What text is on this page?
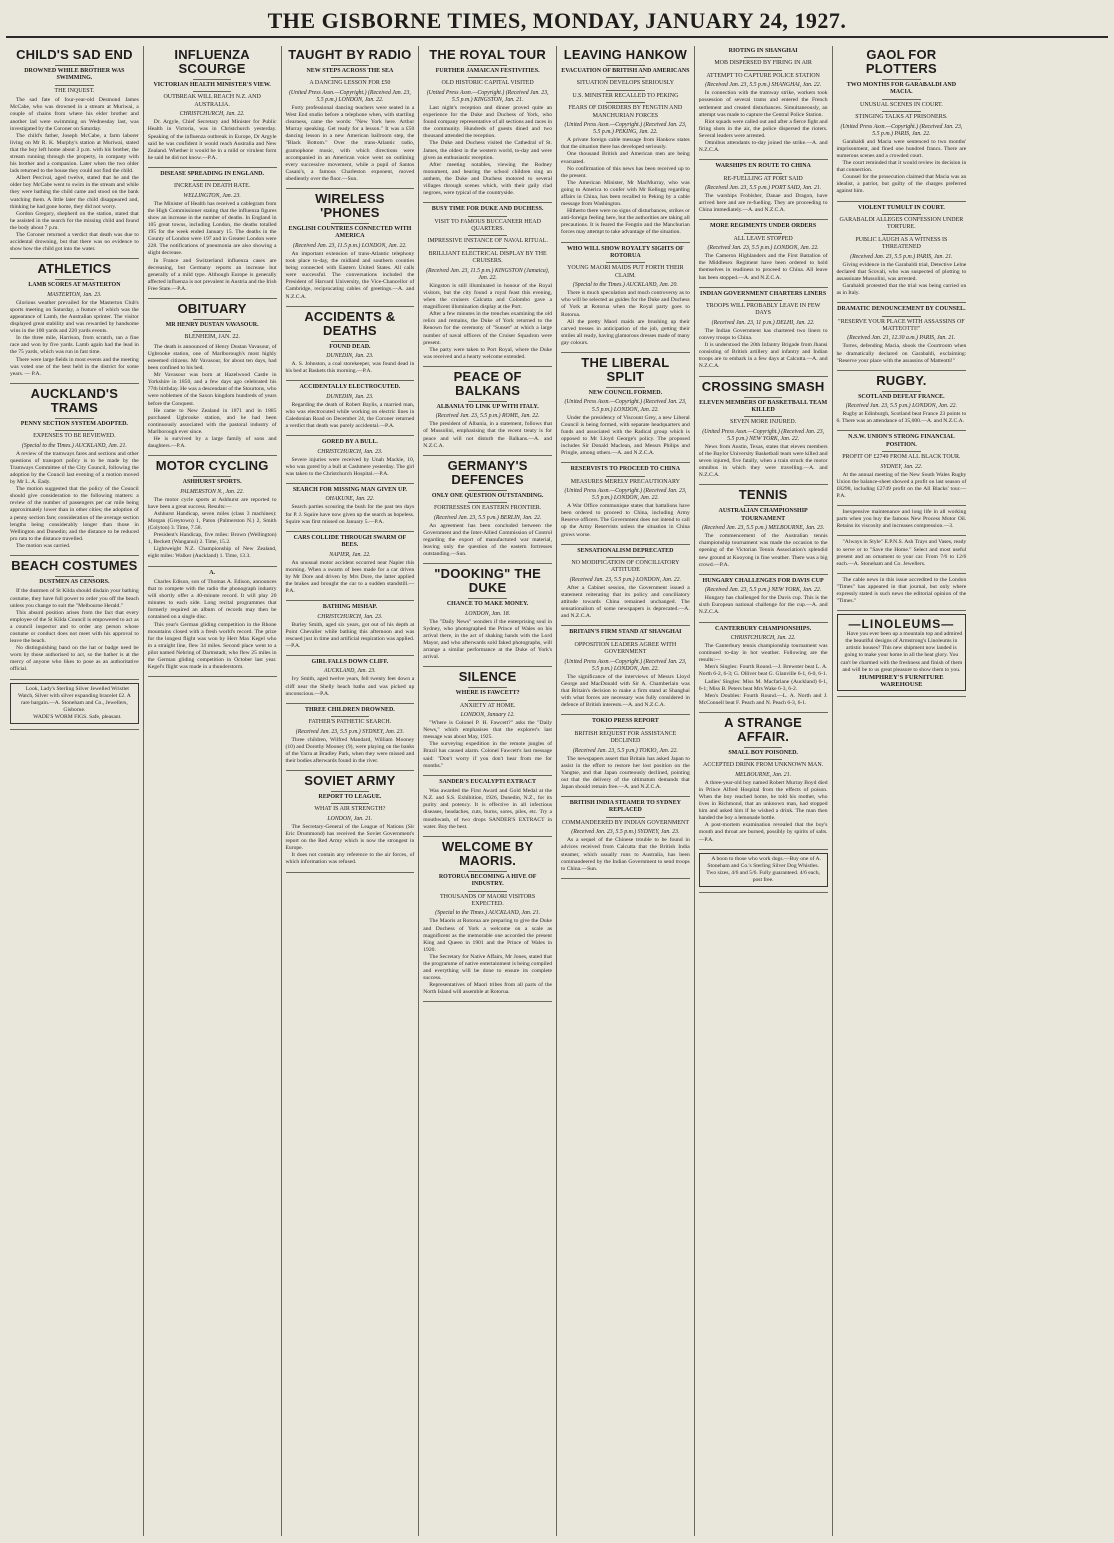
THE GISBORNE TIMES, MONDAY, JANUARY 24, 1927.
CHILD'S SAD END
DROWNED WHILE BROTHER WAS SWIMMING.
THE INQUEST.

The sad fate of four-year-old Desmond James McCabe, who was drowned in a stream at Muriwai, a couple of chains from where his elder brother and another lad were swimming on Wednesday last, was investigated by the Coroner on Saturday.

The child's father, Joseph McCabe, a farm laborer living on Mr R. K. Murphy's station at Muriwai, stated that the boy left home about 3 p.m. with his brother, the stream running through the property, in company with his brother and a companion. Later when the two older lads returned to the house they could not find the child.

Albert Percival, aged twelve, stated that he and the older boy McCabe went to swim in the stream and while they were bathing the child came and stood on the bank watching them. A little later the child disappeared and, thinking he had gone home, they did not worry.

Gordon Gregory, shepherd on the station, stated that he assisted in the search for the missing child and found the body about 7 p.m.

The Coroner returned a verdict that death was due to accidental drowning, but that there was no evidence to show how the child got into the water.

ATHLETICS
LAMB SCORES AT MASTERTON
MASTERTON, Jan. 23.

Glorious weather prevailed for the Masterton Club's sports meeting on Saturday, a feature of which was the appearance of Lamb, the Australian sprinter. The visitor displayed great stability and was rewarded by handsome wins in the 100 yards and 220 yards events.

In the three mile, Harrison, from scratch, ran a fine race and won by five yards. Lamb again had the lead in the 75 yards, which was run in fast time.

There were large fields in most events and the meeting was voted one of the best held in the district for some years. — P.A.

AUCKLAND'S TRAMS
PENNY SECTION SYSTEM ADOPTED.
EXPENSES TO BE REVIEWED.
(Special to the Times.) AUCKLAND, Jan. 21.

A review of the tramways fares and sections and other questions of transport policy is to be made by the Tramways Committee of the City Council, following the adoption by the Council last evening of a motion moved by Mr L. A. Eady.

The motion suggested that the policy of the Council should give consideration to the following matters: a review of the number of passengers per car mile being approximately lower than in other cities; the adoption of a penny section fare; consideration of the average section lengths being considerably longer than those in Wellington and Dunedin; and the distance to be reduced pro rata to the distance travelled.

The motion was carried.

BEACH COSTUMES
DUSTMEN AS CENSORS.

If the dustmen of St Kilda should disdain your bathing costume, they have full power to order you off the beach unless you change to suit the "Melbourne Herald."

This absurd position arises from the fact that every employee of the St Kilda Council is empowered to act as a council inspector and to order any person whose costume or conduct does not meet with his approval to leave the beach.

No distinguishing band on the hat or badge need be worn by those authorised to act, so the bather is at the mercy of anyone who likes to pose as an authoritative official.

Look, Lady's Sterling Silver Jewelled Wristlet Watch, Silver with silver expanding bracelet £2. A rare bargain.—A. Stoneham and Co., Jewellers, Gisborne.

WADE'S WORM FIGS. Safe, pleasant.

INFLUENZA SCOURGE
VICTORIAN HEALTH MINISTER'S VIEW.
OUTBREAK WILL REACH N.Z. AND AUSTRALIA.
CHRISTCHURCH, Jan. 22.

Dr. Argyle, Chief Secretary and Minister for Public Health in Victoria, was in Christchurch yesterday. Speaking of the influenza outbreak in Europe, Dr Argyle said he was confident it would reach Australia and New Zealand. Whether it would be in a mild or virulent form he said he did not know.—P.A.

DISEASE SPREADING IN ENGLAND.
INCREASE IN DEATH RATE.
WELLINGTON, Jan. 23.

The Minister of Health has received a cablegram from the High Commissioner stating that the influenza figures show an increase in the number of deaths. In England in 105 great towns, including London, the deaths totalled 195 for the week ended January 15. The deaths in the County of London were 197 and in Greater London were 228. The notifications of pneumonia are also showing a slight decrease.

In France and Switzerland influenza cases are decreasing, but Germany reports an increase but generally of a mild type. Although Europe is generally affected influenza is not prevalent in Austria and the Irish Free State.—P.A.

OBITUARY
MR HENRY DUSTAN VAVASOUR.
BLENHEIM, JAN. 22.

The death is announced of Henry Dustan Vavasour, of Ugbrooke station, one of Marlborough's most highly esteemed citizens. Mr Vavasour, for about ten days, had been confined to his bed.

Mr Vavasour was born at Hazelwood Castle in Yorkshire in 1850, and a few days ago celebrated his 77th birthday. He was a descendant of the Stourtons, who were noblemen of the Saxon kingdom hundreds of years before the Conquest.

He came to New Zealand in 1871 and in 1885 purchased Ugbrooke station, and he had been continuously associated with the pastoral industry of Marlborough ever since.

He is survived by a large family of sons and daughters.—P.A.

MOTOR CYCLING
ASHHURST SPORTS.
PALMERSTON N., Jan. 22.

The motor cycle sports at Ashhurst are reported to have been a great success. Results:—

Ashhurst Handicap, seven miles (class 3 machines): Morgan (Greytown) 1, Paton (Palmerston N.) 2, Smith (Colyton) 3. Time, 7.58.

President's Handicap, five miles: Brown (Wellington) 1, Beckett (Wanganui) 2. Time, 15.2.

Lightweight N.Z. Championship of New Zealand, eight miles: Walker (Auckland) 1. Time, 13.3.

A.

Charles Edison, son of Thomas A. Edison, announces that to compete with the radio the phonograph industry will shortly offer a 40-minute record. It will play 20 minutes to each side. Long recital programmes that formerly required an album of records may then be contained on a single disc.

This year's German gliding competition in the Rhone mountains closed with a fresh world's record. The prize for the longest flight was won by Herr Max Kegel who in a straight line, flew 34 miles. Second place went to a pilot named Nehring of Darmstadt, who flew 25 miles in the German gliding competition in October last year. Kegel's flight was made in a thunderstorm.

TAUGHT BY RADIO
NEW STEPS ACROSS THE SEA
A DANCING LESSON FOR £50
(United Press Assn.—Copyright.) (Received Jan. 23, 5.5 p.m.) LONDON, Jan. 22.

Forty professional dancing teachers were seated in a West End studio before a telephone when, with startling clearness, came the words: "New York here. Arthur Murray speaking. Get ready for a lesson." It was a £50 dancing lesson in a new American ballroom step, the "Black Bottom." Over the trans-Atlantic radio, gramophone music, with which directions were accompanied in an American voice went on outlining every successive movement, while a pupil of Santos Casani's, a famous Charleston exponent, moved obediently over the floor.—Sun.

WIRELESS 'PHONES
ENGLISH COUNTRIES CONNECTED WITH AMERICA
(Received Jan. 23, 11.5 p.m.) LONDON, Jan. 22.

An important extension of trans-Atlantic telephony took place to-day, the midland and southern counties being connected with Eastern United States. All calls were successful. The conversations included the President of Harvard University, the Vice-Chancellor of Cambridge, reciprocating cables of greetings.—A. and N.Z.C.A.

ACCIDENTS & DEATHS
FOUND DEAD.
DUNEDIN, Jan. 23.

A. S. Johnston, a coal storekeeper, was found dead in his bed at Baskets this morning.—P.A.

ACCIDENTALLY ELECTROCUTED.
DUNEDIN, Jan. 23.

Regarding the death of Robert Baylis, a married man, who was electrocuted while working on electric lines in Caledonian Road on December 24, the Coroner returned a verdict that death was purely accidental.—P.A.

GORED BY A BULL.
CHRISTCHURCH, Jan. 23.

Severe injuries were received by Unah Mackie, 10, who was gored by a bull at Cashmere yesterday. The girl was taken to the Christchurch Hospital.—P.A.

SEARCH FOR MISSING MAN GIVEN UP.
OHAKUNE, Jan. 22.

Search parties scouring the bush for the past ten days for P. J. Squire have now given up the search as hopeless. Squire was first missed on January 5.—P.A.

CARS COLLIDE THROUGH SWARM OF BEES.
NAPIER, Jan. 22.

An unusual motor accident occurred near Napier this morning. When a swarm of bees made for a car driven by Mr Dore and driven by Mrs Dore, the latter applied the brakes and brought the car to a sudden standstill.—P.A.

BATHING MISHAP.
CHRISTCHURCH, Jan. 23.

Burley Smith, aged six years, got out of his depth at Point Chevalier while bathing this afternoon and was rescued just in time and artificial respiration was applied.—P.A.

GIRL FALLS DOWN CLIFF.
AUCKLAND, Jan. 23.

Ivy Smith, aged twelve years, fell twenty feet down a cliff near the Shelly beach baths and was picked up unconscious.—P.A.

THREE CHILDREN DROWNED.
FATHER'S PATHETIC SEARCH.
(Received Jan. 23, 5.5 p.m.) SYDNEY, Jan. 23.

Three children, Wilfred Mandard, William Mooney (10) and Dorothy Mooney (9), were playing on the banks of the Yarra at Bradley Park, when they were missed and their bodies afterwards found in the river.

SOVIET ARMY
REPORT TO LEAGUE.
WHAT IS AIR STRENGTH?
LONDON, Jan. 21.

The Secretary-General of the League of Nations (Sir Eric Drummond) has received the Soviet Government's report on the Red Army which is now the strongest in Europe.

It does not contain any reference to the air forces, of which information was refused.

THE ROYAL TOUR
FURTHER JAMAICAN FESTIVITIES.
OLD HISTORIC CAPITAL VISITED
(United Press Assn.—Copyright.) (Received Jan. 23, 5.5 p.m.) KINGSTON, Jan. 21.

Last night's reception and dinner proved quite an experience for the Duke and Duchess of York, who found company representative of all sections and races in the community. Hundreds of guests dined and two thousand attended the reception.

The Duke and Duchess visited the Cathedral of St. James, the oldest in the western world, to-day and were given an enthusiastic reception.

After meeting notables, viewing the Rodney monument, and hearing the school children sing an anthem, the Duke and Duchess motored to several villages through scenes which, with their gaily clad negroes, were typical of the countryside.

BUSY TIME FOR DUKE AND DUCHESS.
VISIT TO FAMOUS BUCCANEER HEAD QUARTERS.
IMPRESSIVE INSTANCE OF NAVAL RITUAL.
BRILLIANT ELECTRICAL DISPLAY BY THE CRUISERS.
(Received Jan. 23, 11.5 p.m.) KINGSTON (Jamaica), Jan. 22.

Kingston is still illuminated in honour of the Royal visitors, but the city found a royal feast this evening, when the cruisers Calcutta and Colombo gave a magnificent illumination display at the Port.

After a few minutes in the trenches examining the old relics and remains, the Duke of York returned to the Renown for the ceremony of "Sunset" at which a large number of naval officers of the Cruiser Squadron were present.

The party were taken to Port Royal, where the Duke was received and a hearty welcome extended.

PEACE OF BALKANS
ALBANIA TO LINK UP WITH ITALY.
(Received Jan. 23, 5.5 p.m.) ROME, Jan. 22.

The president of Albania, in a statement, follows that of Mussolini, emphasising that the recent treaty is for peace and will not disturb the Balkans.—A. and N.Z.C.A.

GERMANY'S DEFENCES
ONLY ONE QUESTION OUTSTANDING.
FORTRESSES ON EASTERN FRONTIER.
(Received Jan. 23, 5.5 p.m.) BERLIN, Jan. 22.

An agreement has been concluded between the Government and the Inter-Allied Commission of Control regarding the export of manufactured war material, leaving only the question of the eastern fortresses outstanding.—Sun.

"DOOKING" THE DUKE
CHANCE TO MAKE MONEY.
LONDON, Jan. 18.

The "Daily News" wonders if the enterprising soul in Sydney, who photographed the Prince of Wales on his arrival there, in the act of shaking hands with the Lord Mayor, and who afterwards sold faked photographs, will arrange a similar performance at the Duke of York's arrival.

SILENCE
WHERE IS FAWCETT?
ANXIETY AT HOME.
LONDON, January 12.

"Where is Colonel P. H. Fawcett?" asks the "Daily News," which emphasises that the explorer's last message was about May, 1925.

The surveying expedition in the remote jungles of Brazil has caused alarm. Colonel Fawcett's last message said: "Don't worry if you don't hear from me for months."

SANDER'S EUCALYPTI EXTRACT

Was awarded the First Award and Gold Medal at the N.Z. and S.S. Exhibition, 1926, Dunedin, N.Z., for its purity and potency. It is effective in all infectious diseases, headaches, cuts, burns, sores, piles, etc. Try a mouthwash, of two drops SANDER'S EXTRACT in water. Buy the best.

WELCOME BY MAORIS.
ROTORUA BECOMING A HIVE OF INDUSTRY.
THOUSANDS OF MAORI VISITORS EXPECTED.
(Special to the Times.) AUCKLAND, Jan. 21.

The Maoris at Rotorua are preparing to give the Duke and Duchess of York a welcome on a scale as magnificent as the memorable one accorded the present King and Queen in 1901 and the Prince of Wales in 1920.

The Secretary for Native Affairs, Mr Jones, stated that the programme of native entertainment is being compiled and everything will be done to ensure its complete success.

Representatives of Maori tribes from all parts of the North Island will assemble at Rotorua.

LEAVING HANKOW
EVACUATION OF BRITISH AND AMERICANS
SITUATION DEVELOPS SERIOUSLY
U.S. MINISTER RECALLED TO PEKING
FEARS OF DISORDERS BY FENGTIN AND MANCHURIAN FORCES
(United Press Assn.—Copyright.) (Received Jan. 23, 5.5 p.m.) PEKING, Jan. 22.

A private foreign cable message from Hankow states that the situation there has developed seriously.

One thousand British and American men are being evacuated.

No confirmation of this news has been received up to the present.

The American Minister, Mr MacMurray, who was going to America to confer with Mr Kellogg regarding affairs in China, has been recalled to Peking by a cable message from Washington.

Hitherto there were no signs of disturbances, strikes or anti-foreign feeling here, but the authorities are taking all precautions. It is feared the Fengtin and the Manchurian forces may attempt to take advantage of the situation.

WHO WILL SHOW ROYALTY SIGHTS OF ROTORUA
YOUNG MAORI MAIDS PUT FORTH THEIR CLAIM.
(Special to the Times.) AUCKLAND, Jan. 20.

There is much speculation and much controversy as to who will be selected as guides for the Duke and Duchess of York at Rotorua when the Royal party goes to Rotorua.

All the pretty Maori maids are brushing up their carved tresses in anticipation of the job, getting their smiles all ready, having glamorous dresses made of many gay colours.

THE LIBERAL SPLIT
NEW COUNCIL FORMED.
(United Press Assn.—Copyright.) (Received Jan. 23, 5.5 p.m.) LONDON, Jan. 22.

Under the presidency of Viscount Grey, a new Liberal Council is being formed, with separate headquarters and funds and associated with the Radical group which is opposed to Mr Lloyd George's policy. The proposed includes Sir Donald Maclean, and Messrs Philips and Pringle, among others.—A. and N.Z.C.A.

RESERVISTS TO PROCEED TO CHINA
MEASURES MERELY PRECAUTIONARY
(United Press Assn.—Copyright.) (Received Jan. 23, 5.5 p.m.) LONDON, Jan. 22.

A War Office communique states that battalions have been ordered to proceed to China, including Army Reserve officers. The Government does not intend to call up the Army Reservists unless the situation in China grows worse.

SENSATIONALISM DEPRECATED
NO MODIFICATION OF CONCILIATORY ATTITUDE
(Received Jan. 23, 5.5 p.m.) LONDON, Jan. 22.

After a Cabinet session, the Government issued a statement reiterating that its policy and conciliatory attitude towards China remained unchanged. The sensationalism of some newspapers is deprecated.—A. and N.Z.C.A.

BRITAIN'S FIRM STAND AT SHANGHAI
OPPOSITION LEADERS AGREE WITH GOVERNMENT
(United Press Assn.—Copyright.) (Received Jan. 23, 5.5 p.m.) LONDON, Jan. 22.

The significance of the interviews of Messrs Lloyd George and MacDonald with Sir A. Chamberlain was that Britain's decision to make a firm stand at Shanghai with what forces are necessary was fully considered in defence of British interests.—A. and N.Z.C.A.

TOKIO PRESS REPORT
BRITISH REQUEST FOR ASSISTANCE DECLINED
(Received Jan. 23, 5.5 p.m.) TOKIO, Jan. 22.

The newspapers assert that Britain has asked Japan to assist in the effort to restore her lost position on the Yangtse, and that Japan courteously declined, pointing out that the delivery of the ultimatum demands that Japan should remain free.—A. and N.Z.C.A.

BRITISH INDIA STEAMER TO SYDNEY REPLACED
COMMANDEERED BY INDIAN GOVERNMENT
(Received Jan. 23, 5.5 p.m.) SYDNEY, Jan. 23.

As a sequel of the Chinese trouble to be found in advices received from Calcutta that the British India steamer, which usually runs to Australia, has been commandeered by the Indian Government to send troops to China.—Sun.

RIOTING IN SHANGHAI
MOB DISPERSED BY FIRING IN AIR
ATTEMPT TO CAPTURE POLICE STATION
(Received Jan. 23, 5.5 p.m.) SHANGHAI, Jan. 22.

In connection with the tramway strike, workers took possession of several trams and entered the French settlement and created disturbances. Simultaneously, an attempt was made to capture the Central Police Station.

Riot squads were called out and after a fierce fight and firing shots in the air, the police dispersed the rioters. Several leaders were arrested.

Omnibus attendants to-day joined the strike.—A. and N.Z.C.A.

WARSHIPS EN ROUTE TO CHINA
RE-FUELLING AT PORT SAID
(Received Jan. 23, 5.5 p.m.) PORT SAID, Jan. 21.

The warships Frobisher, Danae and Dragon, have arrived here and are re-fuelling. They are proceeding to China immediately.—A. and N.Z.C.A.

MORE REGIMENTS UNDER ORDERS
ALL LEAVE STOPPED
(Received Jan. 23, 5.5 p.m.) LONDON, Jan. 22.

The Cameron Highlanders and the First Battalion of the Middlesex Regiment have been ordered to hold themselves in readiness to proceed to China. All leave has been stopped.—A. and N.Z.C.A.

INDIAN GOVERNMENT CHARTERS LINERS
TROOPS WILL PROBABLY LEAVE IN FEW DAYS
(Received Jan. 23, 11 p.m.) DELHI, Jan. 22.

The Indian Government has chartered two liners to convey troops to China.

It is understood the 20th Infantry Brigade from Jhansi consisting of British artillery and infantry and Indian troops are to embark in a few days at Calcutta.—A. and N.Z.C.A.

CROSSING SMASH
ELEVEN MEMBERS OF BASKETBALL TEAM KILLED
SEVEN MORE INJURED.
(United Press Assn.—Copyright.) (Received Jan. 23, 5.5 p.m.) NEW YORK, Jan. 22.

News from Austin, Texas, states that eleven members of the Baylor University Basketball team were killed and seven injured, five fatally, when a train struck the motor omnibus in which they were travelling.—A. and N.Z.C.A.

TENNIS
AUSTRALIAN CHAMPIONSHIP TOURNAMENT
(Received Jan. 23, 5.5 p.m.) MELBOURNE, Jan. 23.

The commencement of the Australian tennis championship tournament was made the occasion to the opening of the Victorian Tennis Association's splendid new ground at Kooyong in fine weather. There was a big crowd.—P.A.

HUNGARY CHALLENGES FOR DAVIS CUP
(Received Jan. 23, 5.5 p.m.) NEW YORK, Jan. 22.

Hungary has challenged for the Davis cup. This is the sixth European national challenge for the cup.—A. and N.Z.C.A.

CANTERBURY CHAMPIONSHIPS.
CHRISTCHURCH, Jan. 22.

The Canterbury tennis championship tournament was continued to-day in hot weather. Following are the results:—

Men's Singles: Fourth Round.—J. Brewster beat L. A. North 6-2, 6-3; G. Olliver beat G. Glanville 6-1, 6-0, 6-1.

Ladies' Singles: Miss M. Macfarlane (Auckland) 6-1, 6-1; Miss B. Peters beat Mrs Wake 6-3, 6-2.

Men's Doubles: Fourth Round.—L. A. North and J. McConnell beat F. Peach and N. Peach 6-3, 6-1.

A STRANGE AFFAIR.
SMALL BOY POISONED.
ACCEPTED DRINK FROM UNKNOWN MAN.
MELBOURNE, Jan. 21.

A three-year-old boy named Robert Murray Boyd died in Prince Alfred Hospital from the effects of poison. When the boy reached home, he told his mother, who lives in Richmond, that an unknown man, had stopped him and asked him if he wished a drink. The man then handed the boy a lemonade bottle.

A post-mortem examination revealed that the boy's mouth and throat are burned, possibly by spirits of salts.—P.A.

A boon to those who work dogs.—Buy one of A. Stoneham and Co.'s Sterling Silver Dog Whistles. Two sizes, 4/6 and 5/6. Fully guaranteed. 4/6 each, post free.

GAOL FOR PLOTTERS
TWO MONTHS FOR GARABALDI AND MACIA.
UNUSUAL SCENES IN COURT.
STINGING TALKS AT PRISONERS.
(United Press Assn.—Copyright.) (Received Jan. 23, 5.5 p.m.) PARIS, Jan. 22.

Garabaldi and Macia were sentenced to two months' imprisonment, and fined one hundred francs. There are numerous scenes and a crowded court.

The court reminded that it would review its decision in that connection.

Counsel for the prosecution claimed that Macia was an idealist, a patriot, but guilty of the charges preferred against him.

VIOLENT TUMULT IN COURT.
GARABALDI ALLEGES CONFESSION UNDER TORTURE.
PUBLIC LAUGH AS A WITNESS IS THREATENED
(Received Jan. 23, 5.5 p.m.) PARIS, Jan. 21.

Giving evidence in the Garabaldi trial, Detective Lelne declared that Scovali, who was suspected of plotting to assassinate Mussolini, was arrested.

Garabaldi protested that the trial was being carried on as in Italy.

DRAMATIC DENOUNCEMENT BY COUNSEL.
"RESERVE YOUR PLACE WITH ASSASSINS OF MATTEOTTI!"
(Received Jan. 21, 12.30 a.m.) PARIS, Jan. 21.

Torres, defending Macia, shook the Courtroom when he dramatically declared on Garabaldi, exclaiming: "Reserve your place with the assassins of Matteotti!"

RUGBY.
SCOTLAND DEFEAT FRANCE.
(Received Jan. 23, 5.5 p.m.) LONDON, Jan. 22.

Rugby at Edinburgh, Scotland beat France 23 points to 6. There was an attendance of 35,000.—A. and N.Z.C.A.

N.S.W. UNION'S STRONG FINANCIAL POSITION.
PROFIT OF £2749 FROM ALL BLACK TOUR.
SYDNEY, Jan. 22.

At the annual meeting of the New South Wales Rugby Union the balance-sheet showed a profit on last season of £8298, including £2749 profit on the All Blacks' tour.—P.A.

Inexpensive maintenance and long life in all working parts when you buy the famous New Process Motor Oil. Retains its viscosity and increases compression.—3.

"Always in Style" E.P.N.S. Ash Trays and Vases, ready to serve or to "Save the Home." Select and most useful present and an ornament to your car. From 7/6 to 12/6 each.—A. Stoneham and Co. Jewellers.

The cable news in this issue accredited to the London "Times" has appeared in that journal, but only where expressly stated is such news the editorial opinion of the "Times."

—LINOLEUMS—

Have you ever been up a mountain top and admired the beautiful designs of Armstrong's Linoleums in artistic houses? This new shipment now landed is going to make your home in all the heat glory. You can't be charmed with the freshness and finish of them and will be to us great pleasure to show them to you.

HUMPHREY'S FURNITURE WAREHOUSE
